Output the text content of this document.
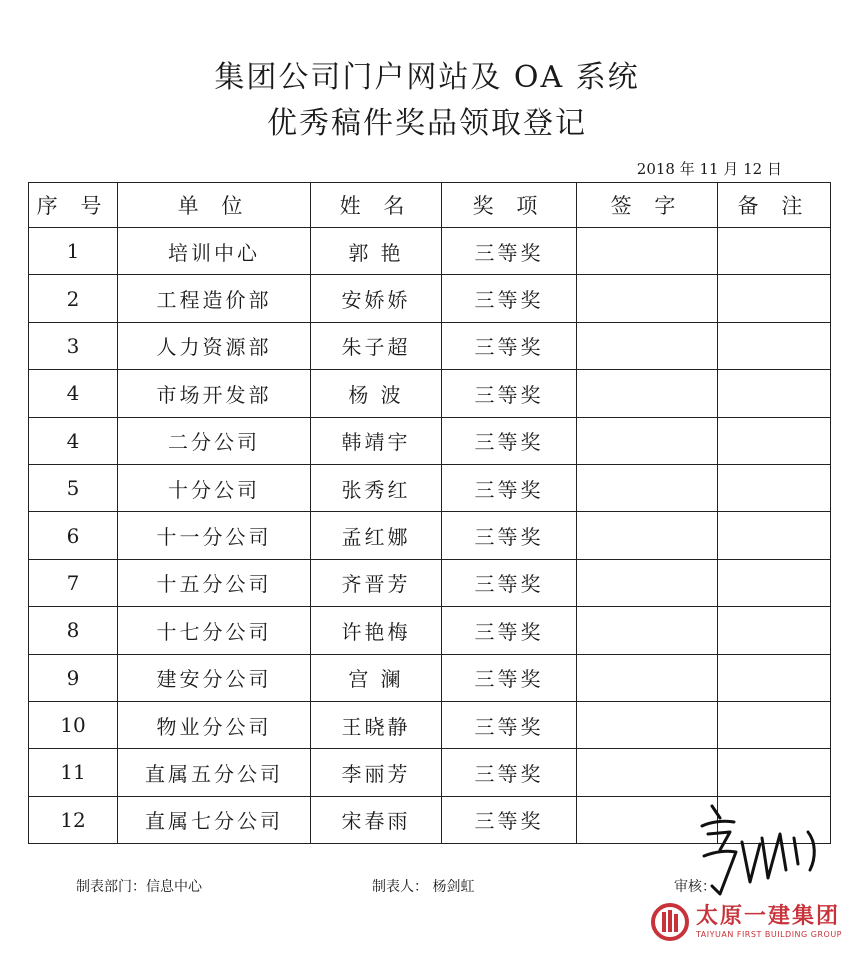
集团公司门户网站及 OA 系统
优秀稿件奖品领取登记
2018 年 11 月 12 日
序 号	单 位	姓 名	奖 项	签 字	备 注
1	培训中心	郭 艳	三等奖		
2	工程造价部	安娇娇	三等奖		
3	人力资源部	朱子超	三等奖		
4	市场开发部	杨 波	三等奖		
4	二分公司	韩靖宇	三等奖		
5	十分公司	张秀红	三等奖		
6	十一分公司	孟红娜	三等奖		
7	十五分公司	齐晋芳	三等奖		
8	十七分公司	许艳梅	三等奖		
9	建安分公司	宫 澜	三等奖		
10	物业分公司	王晓静	三等奖		
11	直属五分公司	李丽芳	三等奖		
12	直属七分公司	宋春雨	三等奖		
制表部门：信息中心	制表人： 杨剑虹	审核：
太原一建集团
TAIYUAN FIRST BUILDING GROUP
